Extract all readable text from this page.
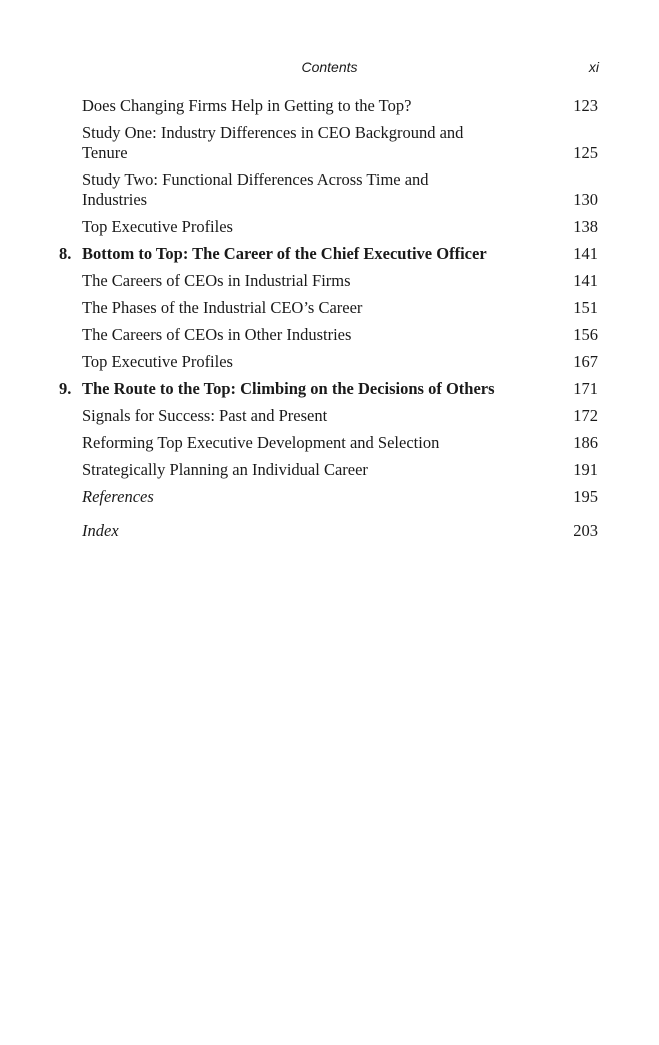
Contents	xi
Does Changing Firms Help in Getting to the Top?	123
Study One: Industry Differences in CEO Background and Tenure	125
Study Two: Functional Differences Across Time and Industries	130
Top Executive Profiles	138
8. Bottom to Top: The Career of the Chief Executive Officer	141
The Careers of CEOs in Industrial Firms	141
The Phases of the Industrial CEO’s Career	151
The Careers of CEOs in Other Industries	156
Top Executive Profiles	167
9. The Route to the Top: Climbing on the Decisions of Others	171
Signals for Success: Past and Present	172
Reforming Top Executive Development and Selection	186
Strategically Planning an Individual Career	191
References	195
Index	203
